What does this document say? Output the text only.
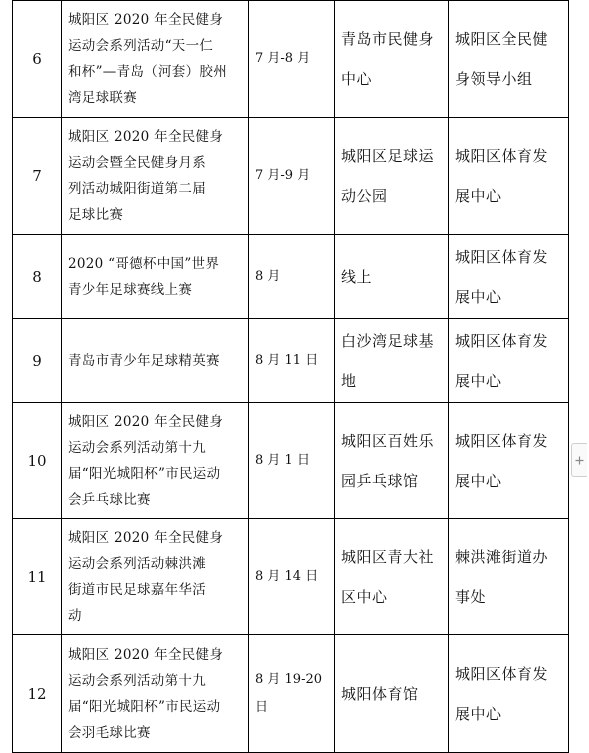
6	城阳区 2020 年全民健身
运动会系列活动“天一仁
和杯”—青岛（河套）胶州
湾足球联赛	7 月-8 月	青岛市民健身
中心	城阳区全民健
身领导小组

7	城阳区 2020 年全民健身
运动会暨全民健身月系
列活动城阳街道第二届
足球比赛	7 月-9 月	城阳区足球运
动公园	城阳区体育发
展中心

8	2020 “哥德杯中国”世界
青少年足球赛线上赛	8 月	线上	城阳区体育发
展中心

9	青岛市青少年足球精英赛	8 月 11 日	白沙湾足球基
地	城阳区体育发
展中心

10	城阳区 2020 年全民健身
运动会系列活动第十九
届“阳光城阳杯”市民运动
会乒乓球比赛	8 月 1 日	城阳区百姓乐
园乒乓球馆	城阳区体育发
展中心

11	城阳区 2020 年全民健身
运动会系列活动棘洪滩
街道市民足球嘉年华活
动	8 月 14 日	城阳区青大社
区中心	棘洪滩街道办
事处

12	城阳区 2020 年全民健身
运动会系列活动第十九
届“阳光城阳杯”市民运动
会羽毛球比赛	8 月 19-20
日	城阳体育馆	城阳区体育发
展中心
